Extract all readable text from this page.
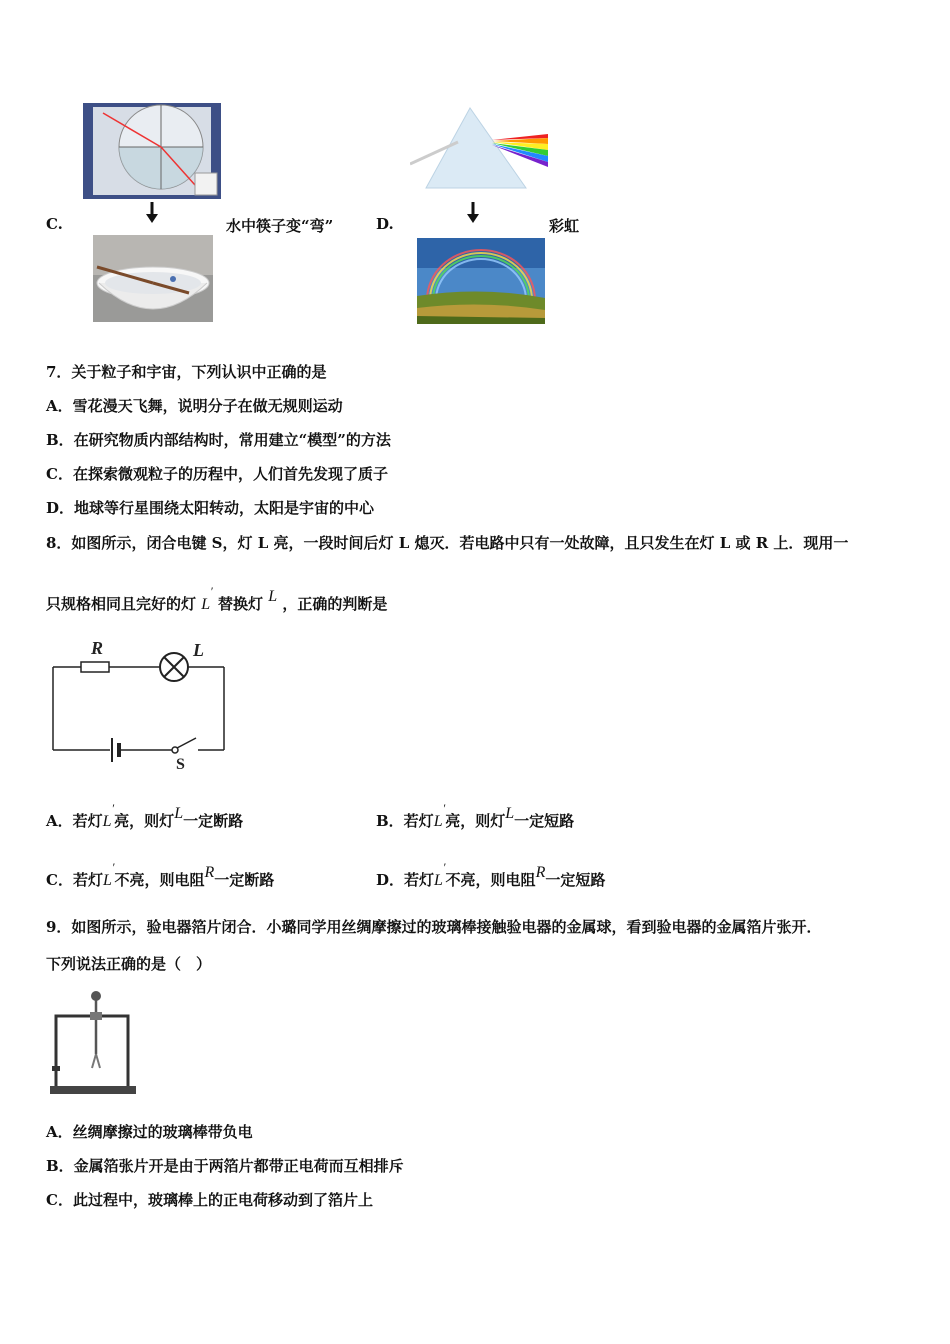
C.	水中筷子变“弯”	D.	彩虹
7．关于粒子和宇宙，下列认识中正确的是
A．雪花漫天飞舞，说明分子在做无规则运动
B．在研究物质内部结构时，常用建立“模型”的方法
C．在探索微观粒子的历程中，人们首先发现了质子
D．地球等行星围绕太阳转动，太阳是宇宙的中心
8．如图所示，闭合电键 S，灯 L 亮，一段时间后灯 L 熄灭．若电路中只有一处故障，且只发生在灯 L 或 R 上．现用一
只规格相同且完好的灯 L′ 替换灯 L ，正确的判断是
R	L
S
A．若灯L′亮，则灯L一定断路	B．若灯L′亮，则灯L一定短路
C．若灯L′不亮，则电阻R一定断路	D．若灯L′不亮，则电阻R一定短路
9．如图所示，验电器箔片闭合．小璐同学用丝绸摩擦过的玻璃棒接触验电器的金属球，看到验电器的金属箔片张开．
下列说法正确的是（　）
A．丝绸摩擦过的玻璃棒带负电
B．金属箔张片开是由于两箔片都带正电荷而互相排斥
C．此过程中，玻璃棒上的正电荷移动到了箔片上
